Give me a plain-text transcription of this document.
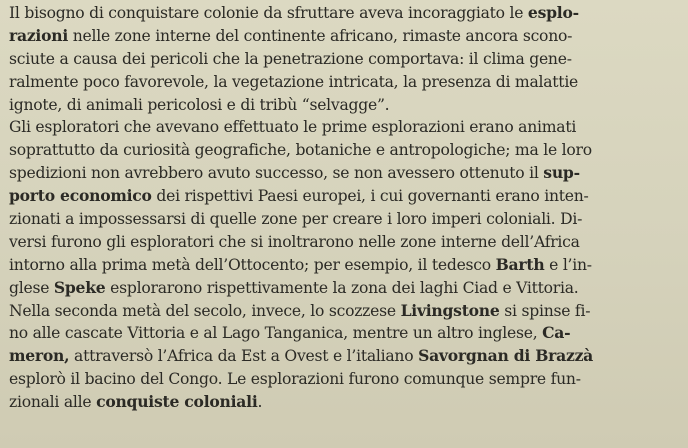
Il bisogno di conquistare colonie da sfruttare aveva incoraggiato le esplo-
razioni nelle zone interne del continente africano, rimaste ancora scono-
sciute a causa dei pericoli che la penetrazione comportava: il clima gene-
ralmente poco favorevole, la vegetazione intricata, la presenza di malattie
ignote, di animali pericolosi e di tribù “selvagge”.
Gli esploratori che avevano effettuato le prime esplorazioni erano animati
soprattutto da curiosità geografiche, botaniche e antropologiche; ma le loro
spedizioni non avrebbero avuto successo, se non avessero ottenuto il sup-
porto economico dei rispettivi Paesi europei, i cui governanti erano inten-
zionati a impossessarsi di quelle zone per creare i loro imperi coloniali. Di-
versi furono gli esploratori che si inoltrarono nelle zone interne dell’Africa
intorno alla prima metà dell’Ottocento; per esempio, il tedesco Barth e l’in-
glese Speke esplorarono rispettivamente la zona dei laghi Ciad e Vittoria.
Nella seconda metà del secolo, invece, lo scozzese Livingstone si spinse fi-
no alle cascate Vittoria e al Lago Tanganica, mentre un altro inglese, Ca-
meron, attraversò l’Africa da Est a Ovest e l’italiano Savorgnan di Brazzà
esplorò il bacino del Congo. Le esplorazioni furono comunque sempre fun-
zionali alle conquiste coloniali.
